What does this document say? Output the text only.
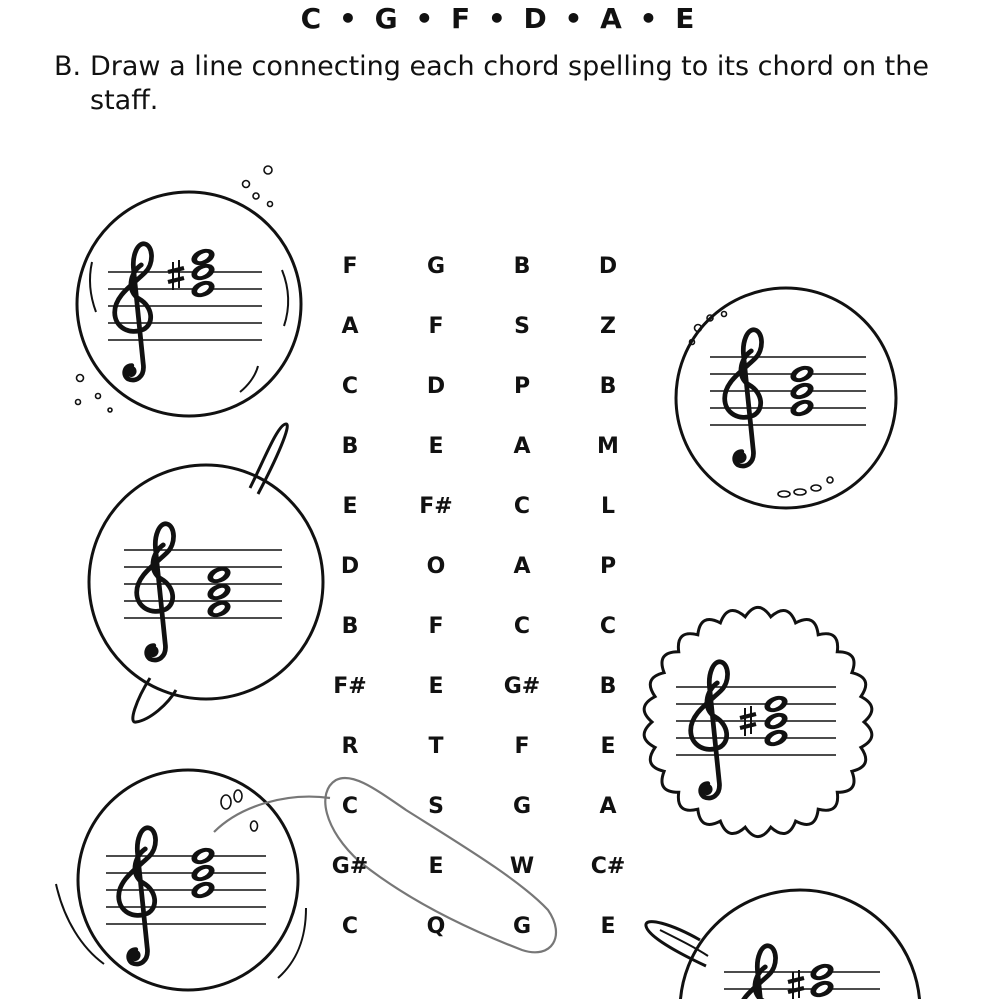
C • G • F • D • A • E
B. Draw a line connecting each chord spelling to its chord on the
staff.
F
A
C
B
E
D
B
F#
R
C
G#
C
G
F
D
E
F#
O
F
E
T
S
E
Q
B
S
P
A
C
A
C
G#
F
G
W
G
D
Z
B
M
L
P
C
B
E
A
C#
E
